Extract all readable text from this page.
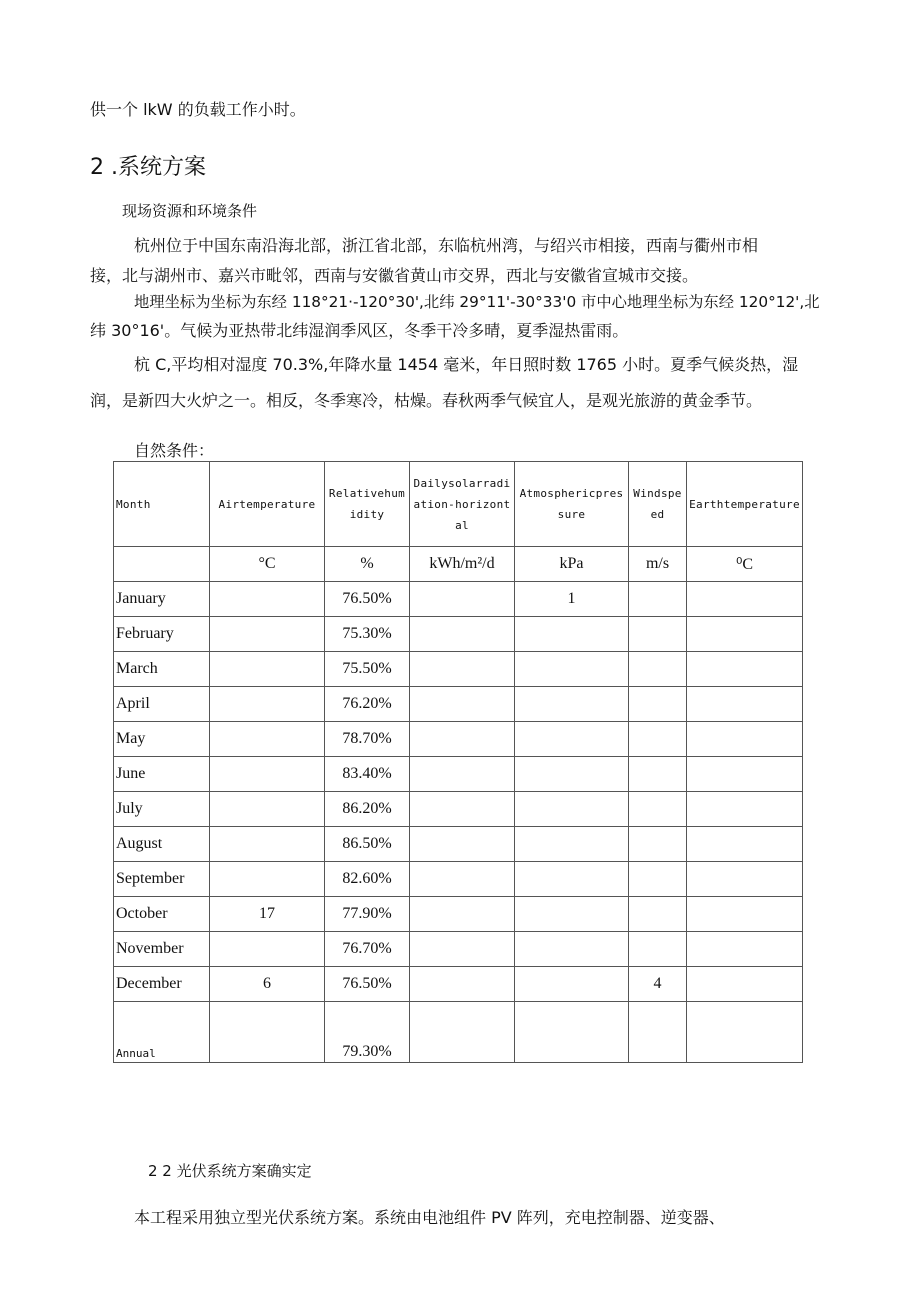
供一个 lkW 的负载工作小时。
2 .系统方案
现场资源和环境条件
杭州位于中国东南沿海北部，浙江省北部，东临杭州湾，与绍兴市相接，西南与衢州市相
接，北与湖州市、嘉兴市毗邻，西南与安徽省黄山市交界，西北与安徽省宣城市交接。
地理坐标为坐标为东经 118°21·-120°30',北纬 29°11'-30°33'0 市中心地理坐标为东经 120°12',北
纬 30°16'。气候为亚热带北纬湿润季风区，冬季干冷多晴，夏季湿热雷雨。
杭 C,平均相对湿度 70.3%,年降水量 1454 毫米，年日照时数 1765 小时。夏季气候炎热，湿
润，是新四大火炉之一。相反，冬季寒冷，枯燥。春秋两季气候宜人，是观光旅游的黄金季节。
自然条件：
Month	Airtemperature	Relativehumidity	Dailysolarradiation-horizontal	Atmosphericpressure	Windspeed	Earthtemperature
	°C	%	kWh/m²/d	kPa	m/s	⁰C
January		76.50%		1		
February		75.30%				
March		75.50%				
April		76.20%				
May		78.70%				
June		83.40%				
July		86.20%				
August		86.50%				
September		82.60%				
October	17	77.90%				
November		76.70%				
December	6	76.50%			4	
Annual		79.30%				
2 2 光伏系统方案确实定
本工程采用独立型光伏系统方案。系统由电池组件 PV 阵列，充电控制器、逆变器、
